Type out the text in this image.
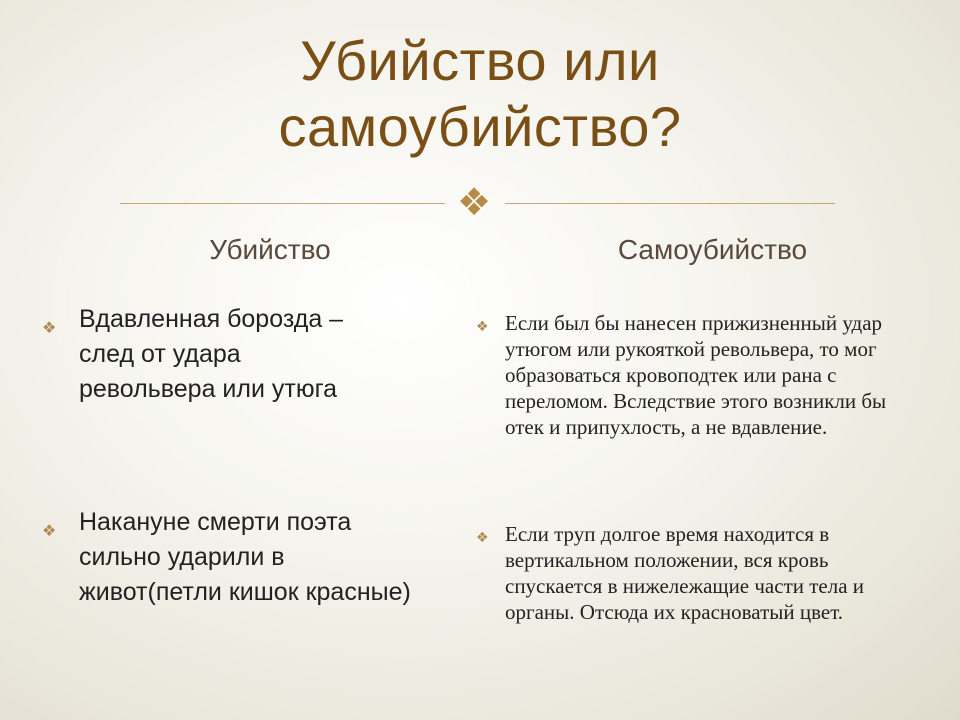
Убийство или самоубийство?
❖
Убийство	Самоубийство
❖ Вдавленная борозда – след от удара револьвера или утюга
❖ Накануне смерти поэта сильно ударили в живот(петли кишок красные)
❖ Если был бы нанесен прижизненный удар утюгом или рукояткой револьвера, то мог образоваться кровоподтек или рана с переломом. Вследствие этого возникли бы отек и припухлость, а не вдавление.
❖ Если труп долгое время находится в вертикальном положении, вся кровь спускается в нижележащие части тела и органы. Отсюда их красноватый цвет.
